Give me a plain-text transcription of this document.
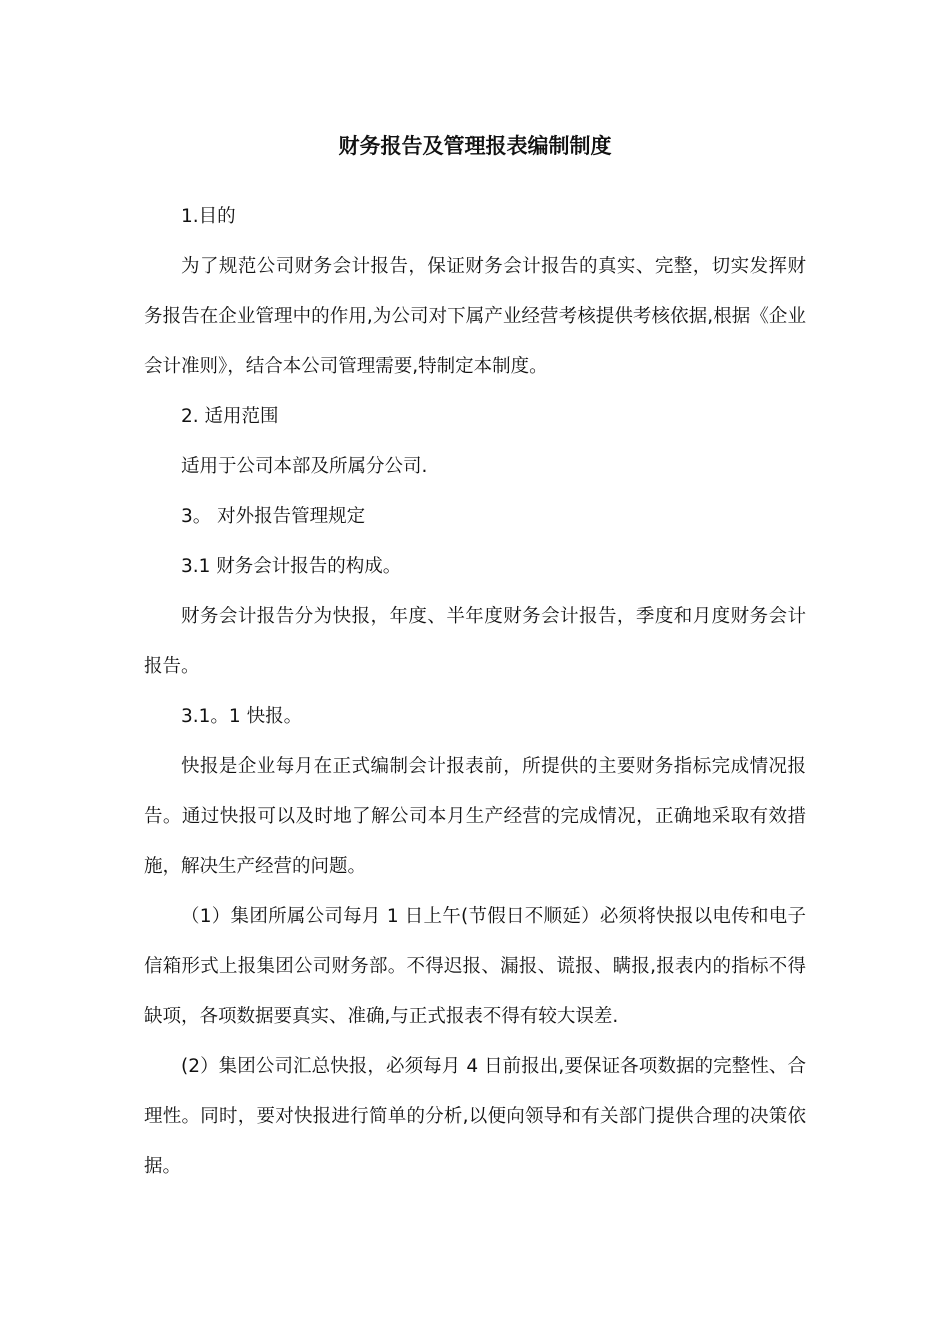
财务报告及管理报表编制制度

1.目的

为了规范公司财务会计报告，保证财务会计报告的真实、完整，切实发挥财务报告在企业管理中的作用,为公司对下属产业经营考核提供考核依据,根据《企业会计准则》，结合本公司管理需要,特制定本制度。

2. 适用范围

适用于公司本部及所属分公司.

3。 对外报告管理规定

3.1 财务会计报告的构成。

财务会计报告分为快报，年度、半年度财务会计报告，季度和月度财务会计报告。

3.1。1 快报。

快报是企业每月在正式编制会计报表前，所提供的主要财务指标完成情况报告。通过快报可以及时地了解公司本月生产经营的完成情况，正确地采取有效措施，解决生产经营的问题。

（1）集团所属公司每月 1 日上午(节假日不顺延）必须将快报以电传和电子信箱形式上报集团公司财务部。不得迟报、漏报、谎报、瞒报,报表内的指标不得缺项，各项数据要真实、准确,与正式报表不得有较大误差.

(2）集团公司汇总快报，必须每月 4 日前报出,要保证各项数据的完整性、合理性。同时，要对快报进行简单的分析,以便向领导和有关部门提供合理的决策依据。
